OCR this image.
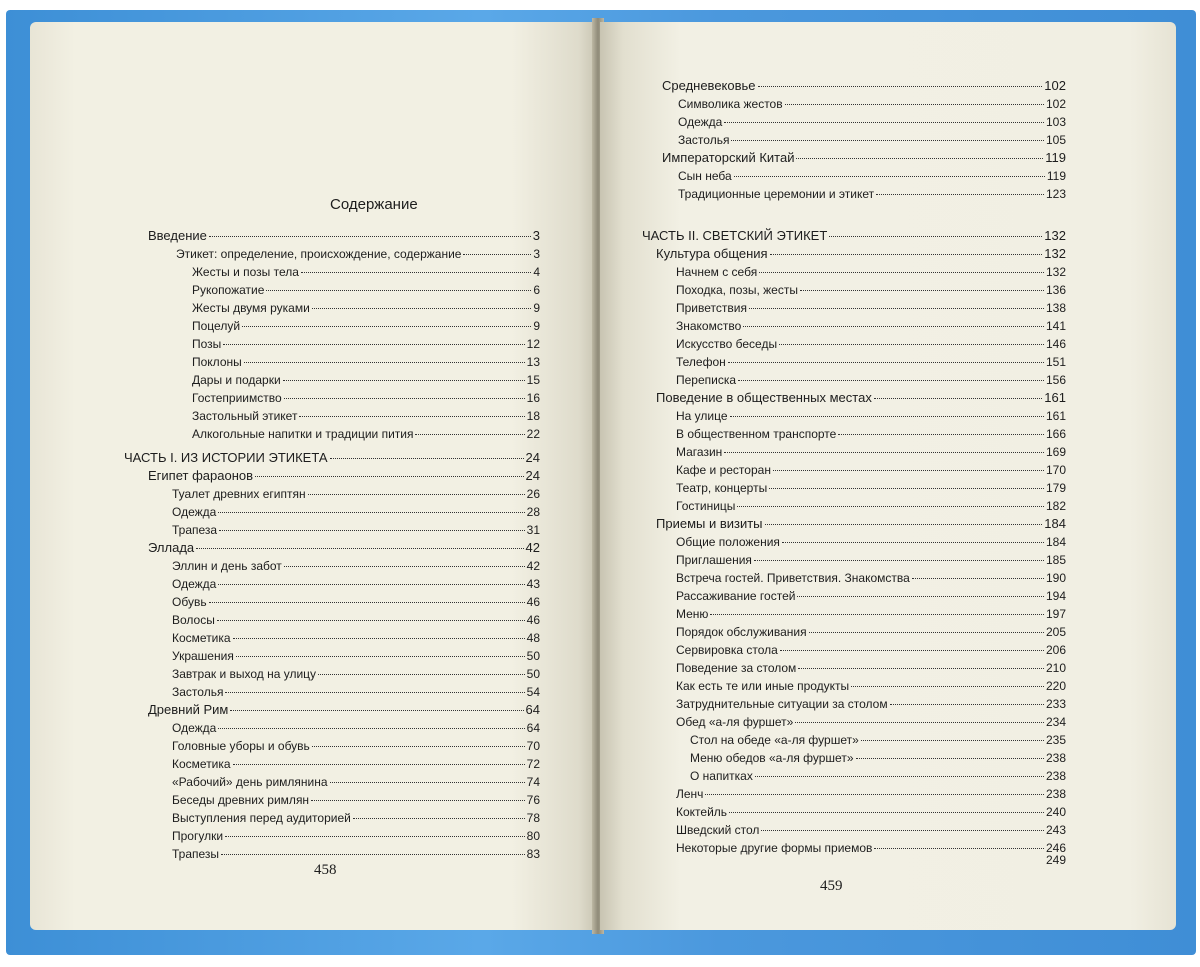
Содержание
Введение	3
Этикет: определение, происхождение, содержание	3
Жесты и позы тела	4
Рукопожатие	6
Жесты двумя руками	9
Поцелуй	9
Позы	12
Поклоны	13
Дары и подарки	15
Гостеприимство	16
Застольный этикет	18
Алкогольные напитки и традиции пития	22
ЧАСТЬ I. ИЗ ИСТОРИИ ЭТИКЕТА	24
Египет фараонов	24
Туалет древних египтян	26
Одежда	28
Трапеза	31
Эллада	42
Эллин и день забот	42
Одежда	43
Обувь	46
Волосы	46
Косметика	48
Украшения	50
Завтрак и выход на улицу	50
Застолья	54
Древний Рим	64
Одежда	64
Головные уборы и обувь	70
Косметика	72
«Рабочий» день римлянина	74
Беседы древних римлян	76
Выступления перед аудиторией	78
Прогулки	80
Трапезы	83
458
Средневековье	102
Символика жестов	102
Одежда	103
Застолья	105
Императорский Китай	119
Сын неба	119
Традиционные церемонии и этикет	123
ЧАСТЬ II. СВЕТСКИЙ ЭТИКЕТ	132
Культура общения	132
Начнем с себя	132
Походка, позы, жесты	136
Приветствия	138
Знакомство	141
Искусство беседы	146
Телефон	151
Переписка	156
Поведение в общественных местах	161
На улице	161
В общественном транспорте	166
Магазин	169
Кафе и ресторан	170
Театр, концерты	179
Гостиницы	182
Приемы и визиты	184
Общие положения	184
Приглашения	185
Встреча гостей. Приветствия. Знакомства	190
Рассаживание гостей	194
Меню	197
Порядок обслуживания	205
Сервировка стола	206
Поведение за столом	210
Как есть те или иные продукты	220
Затруднительные ситуации за столом	233
Обед «а-ля фуршет»	234
Стол на обеде «а-ля фуршет»	235
Меню обедов «а-ля фуршет»	238
О напитках	238
Ленч	238
Коктейль	240
Шведский стол	243
Некоторые другие формы приемов	246
249
459
